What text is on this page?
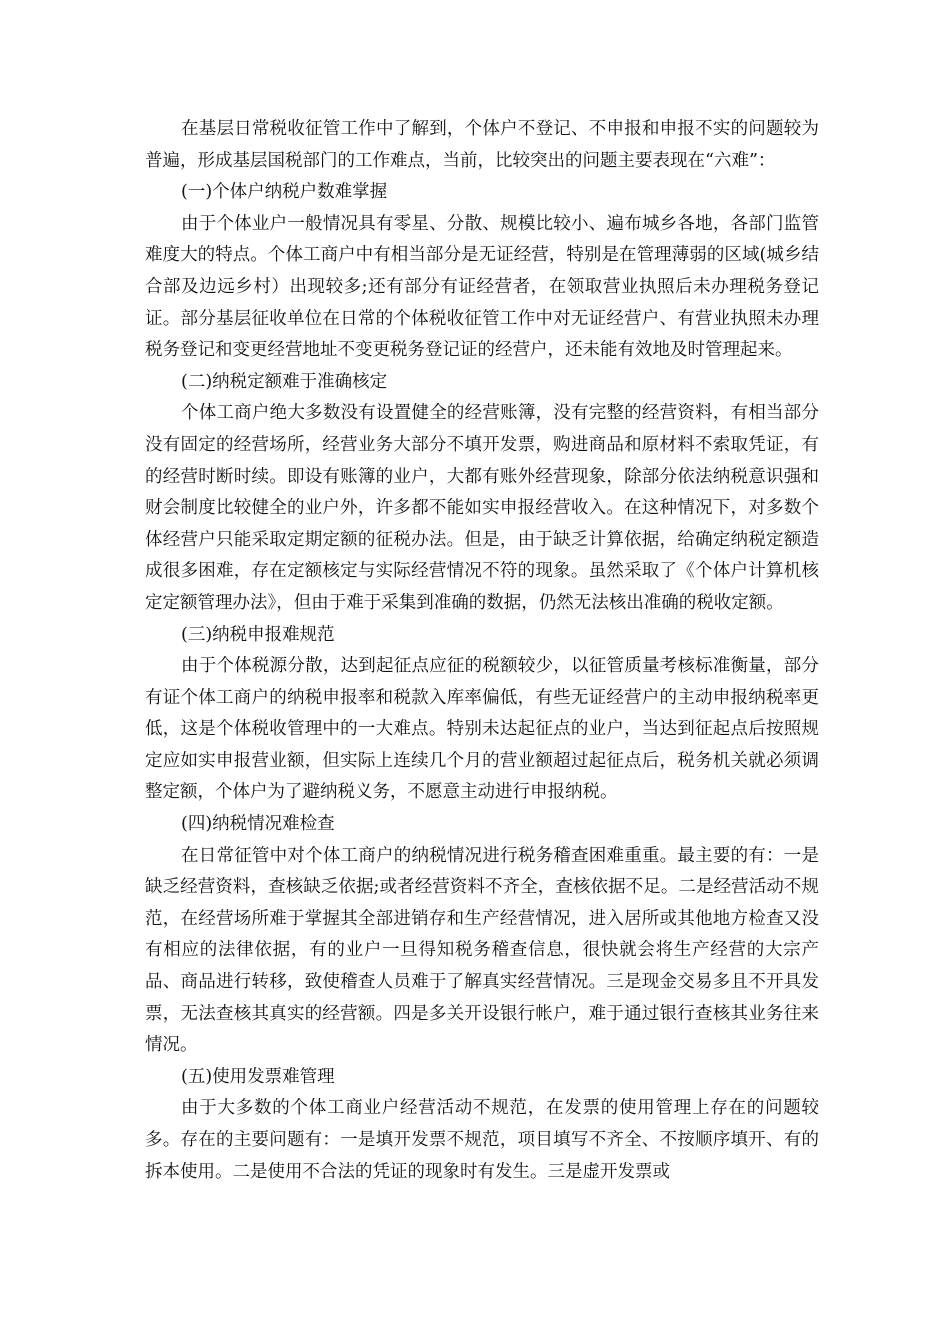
在基层日常税收征管工作中了解到，个体户不登记、不申报和申报不实的问题较为普遍，形成基层国税部门的工作难点，当前，比较突出的问题主要表现在“六难”：

(一)个体户纳税户数难掌握

由于个体业户一般情况具有零星、分散、规模比较小、遍布城乡各地，各部门监管难度大的特点。个体工商户中有相当部分是无证经营，特别是在管理薄弱的区域(城乡结合部及边远乡村）出现较多;还有部分有证经营者，在领取营业执照后未办理税务登记证。部分基层征收单位在日常的个体税收征管工作中对无证经营户、有营业执照未办理税务登记和变更经营地址不变更税务登记证的经营户，还未能有效地及时管理起来。

(二)纳税定额难于准确核定

个体工商户绝大多数没有设置健全的经营账簿，没有完整的经营资料，有相当部分没有固定的经营场所，经营业务大部分不填开发票，购进商品和原材料不索取凭证，有的经营时断时续。即设有账簿的业户，大都有账外经营现象，除部分依法纳税意识强和财会制度比较健全的业户外，许多都不能如实申报经营收入。在这种情况下，对多数个体经营户只能采取定期定额的征税办法。但是，由于缺乏计算依据，给确定纳税定额造成很多困难，存在定额核定与实际经营情况不符的现象。虽然采取了《个体户计算机核定定额管理办法》，但由于难于采集到准确的数据，仍然无法核出准确的税收定额。

(三)纳税申报难规范

由于个体税源分散，达到起征点应征的税额较少，以征管质量考核标准衡量，部分有证个体工商户的纳税申报率和税款入库率偏低，有些无证经营户的主动申报纳税率更低，这是个体税收管理中的一大难点。特别未达起征点的业户，当达到征起点后按照规定应如实申报营业额，但实际上连续几个月的营业额超过起征点后，税务机关就必须调整定额，个体户为了避纳税义务，不愿意主动进行申报纳税。

(四)纳税情况难检查

在日常征管中对个体工商户的纳税情况进行税务稽查困难重重。最主要的有：一是缺乏经营资料，查核缺乏依据;或者经营资料不齐全，查核依据不足。二是经营活动不规范，在经营场所难于掌握其全部进销存和生产经营情况，进入居所或其他地方检查又没有相应的法律依据，有的业户一旦得知税务稽查信息，很快就会将生产经营的大宗产品、商品进行转移，致使稽查人员难于了解真实经营情况。三是现金交易多且不开具发票，无法查核其真实的经营额。四是多关开设银行帐户，难于通过银行查核其业务往来情况。

(五)使用发票难管理

由于大多数的个体工商业户经营活动不规范，在发票的使用管理上存在的问题较多。存在的主要问题有：一是填开发票不规范，项目填写不齐全、不按顺序填开、有的拆本使用。二是使用不合法的凭证的现象时有发生。三是虚开发票或
